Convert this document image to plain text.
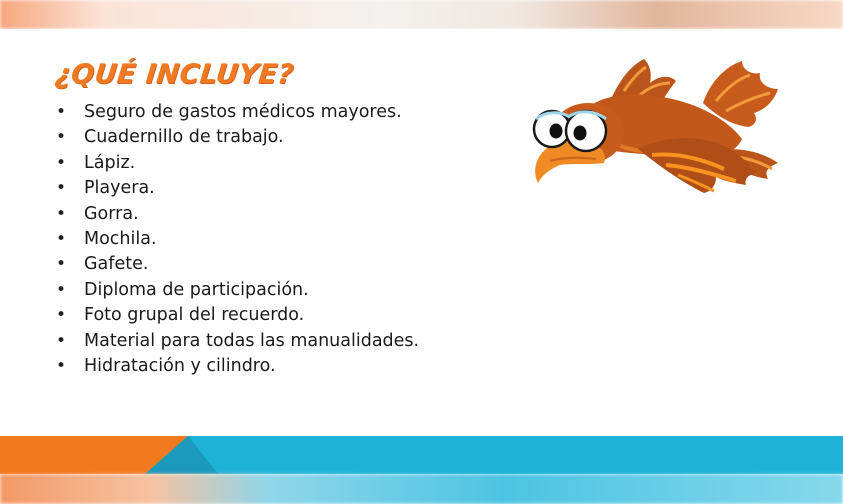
¿QUÉ INCLUYE?
• Seguro de gastos médicos mayores.
• Cuadernillo de trabajo.
• Lápiz.
• Playera.
• Gorra.
• Mochila.
• Gafete.
• Diploma de participación.
• Foto grupal del recuerdo.
• Material para todas las manualidades.
• Hidratación y cilindro.
